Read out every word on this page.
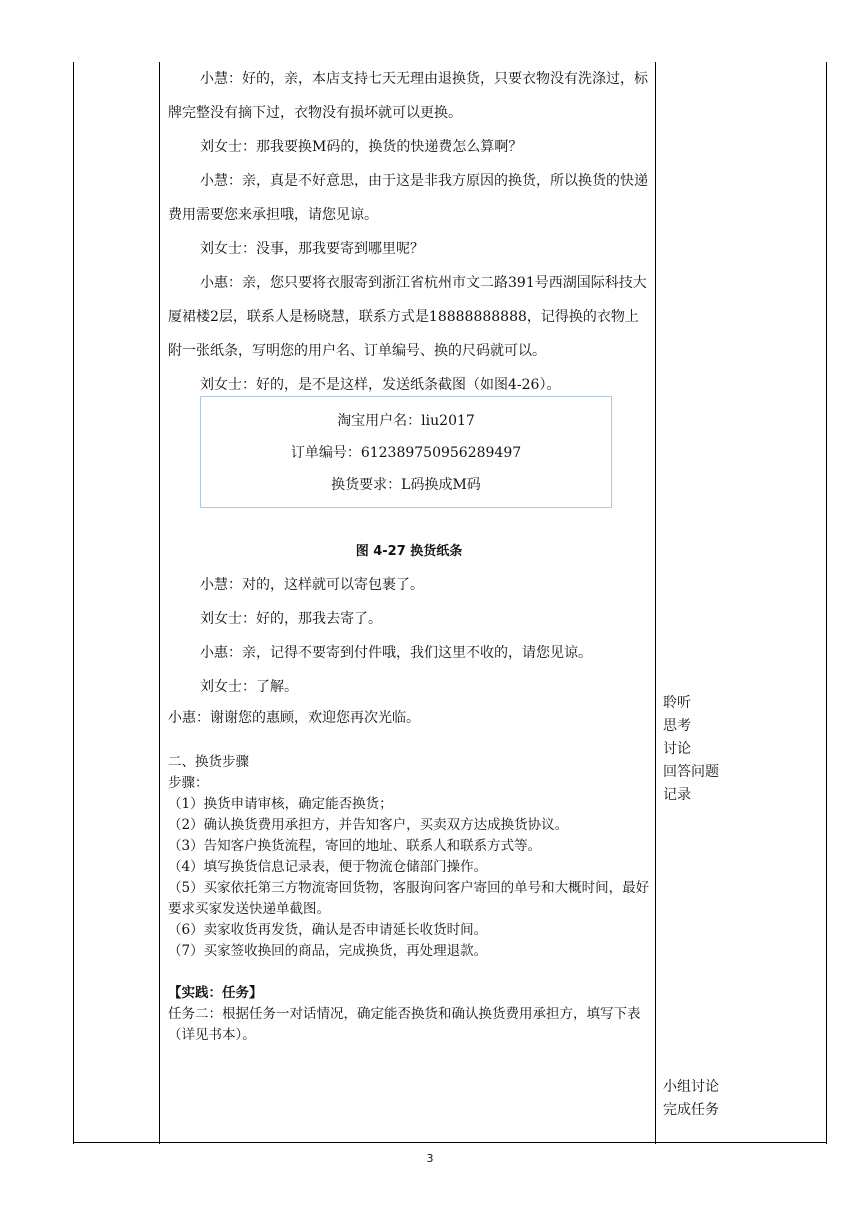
小慧：好的，亲，本店支持七天无理由退换货，只要衣物没有洗涤过，标牌完整没有摘下过，衣物没有损坏就可以更换。

刘女士：那我要换M码的，换货的快递费怎么算啊？

小慧：亲，真是不好意思，由于这是非我方原因的换货，所以换货的快递费用需要您来承担哦，请您见谅。

刘女士：没事，那我要寄到哪里呢？

小惠：亲，您只要将衣服寄到浙江省杭州市文二路391号西湖国际科技大厦裙楼2层，联系人是杨晓慧，联系方式是18888888888，记得换的衣物上附一张纸条，写明您的用户名、订单编号、换的尺码就可以。

刘女士：好的，是不是这样，发送纸条截图（如图4-26）。

淘宝用户名：liu2017
订单编号：612389750956289497
换货要求：L码换成M码
图 4-27 换货纸条

小慧：对的，这样就可以寄包裹了。

刘女士：好的，那我去寄了。

小惠：亲，记得不要寄到付件哦，我们这里不收的，请您见谅。

刘女士：了解。

小惠：谢谢您的惠顾，欢迎您再次光临。

二、换货步骤

步骤：

（1）换货申请审核，确定能否换货；

（2）确认换货费用承担方，并告知客户，买卖双方达成换货协议。

（3）告知客户换货流程，寄回的地址、联系人和联系方式等。

（4）填写换货信息记录表，便于物流仓储部门操作。

（5）买家依托第三方物流寄回货物，客服询问客户寄回的单号和大概时间，最好要求买家发送快递单截图。

（6）卖家收货再发货，确认是否申请延长收货时间。

（7）买家签收换回的商品，完成换货，再处理退款。

【实践：任务】

任务二：根据任务一对话情况，确定能否换货和确认换货费用承担方，填写下表（详见书本）。

聆听

思考

讨论

回答问题

记录

小组讨论

完成任务

3
